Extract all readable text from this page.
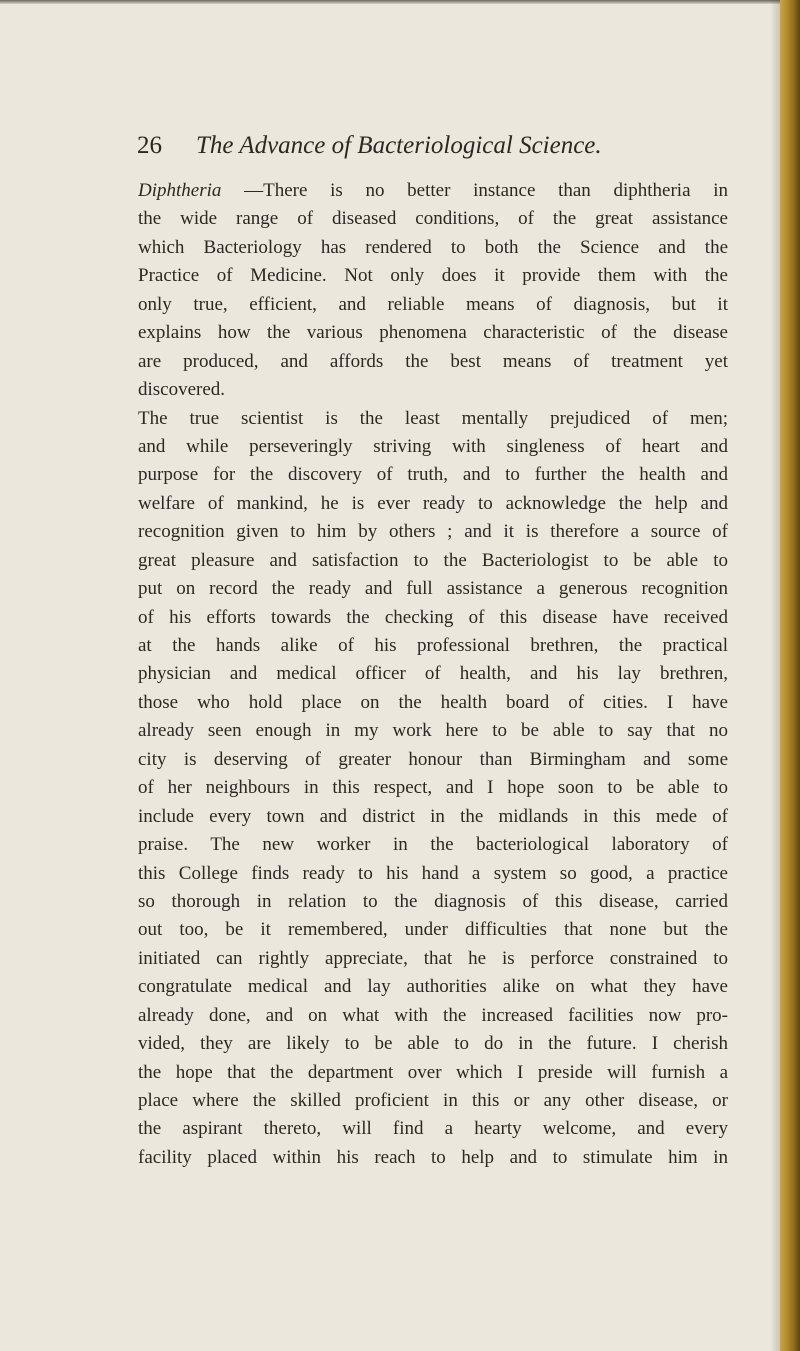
26 The Advance of Bacteriological Science.
Diphtheria —There is no better instance than diphtheria in
the wide range of diseased conditions, of the great assistance
which Bacteriology has rendered to both the Science and the
Practice of Medicine. Not only does it provide them with the
only true, efficient, and reliable means of diagnosis, but it
explains how the various phenomena characteristic of the disease
are produced, and affords the best means of treatment yet
discovered.
The true scientist is the least mentally prejudiced of men;
and while perseveringly striving with singleness of heart and
purpose for the discovery of truth, and to further the health and
welfare of mankind, he is ever ready to acknowledge the help and
recognition given to him by others ; and it is therefore a source of
great pleasure and satisfaction to the Bacteriologist to be able to
put on record the ready and full assistance a generous recognition
of his efforts towards the checking of this disease have received
at the hands alike of his professional brethren, the practical
physician and medical officer of health, and his lay brethren,
those who hold place on the health board of cities. I have
already seen enough in my work here to be able to say that no
city is deserving of greater honour than Birmingham and some
of her neighbours in this respect, and I hope soon to be able to
include every town and district in the midlands in this mede of
praise. The new worker in the bacteriological laboratory of
this College finds ready to his hand a system so good, a practice
so thorough in relation to the diagnosis of this disease, carried
out too, be it remembered, under difficulties that none but the
initiated can rightly appreciate, that he is perforce constrained to
congratulate medical and lay authorities alike on what they have
already done, and on what with the increased facilities now pro-
vided, they are likely to be able to do in the future. I cherish
the hope that the department over which I preside will furnish a
place where the skilled proficient in this or any other disease, or
the aspirant thereto, will find a hearty welcome, and every
facility placed within his reach to help and to stimulate him in
